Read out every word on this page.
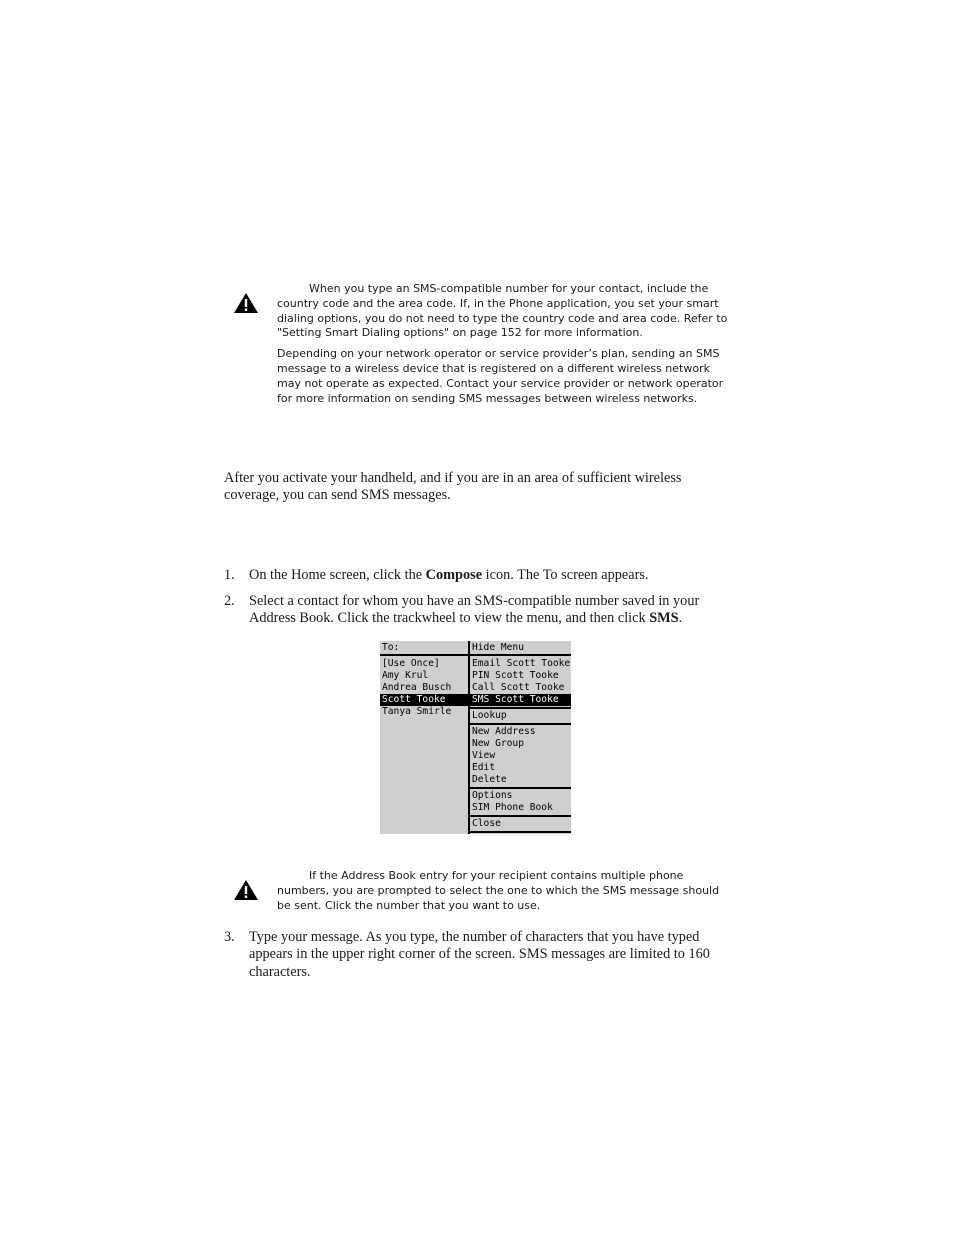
When you type an SMS-compatible number for your contact, include the country code and the area code. If, in the Phone application, you set your smart dialing options, you do not need to type the country code and area code. Refer to "Setting Smart Dialing options" on page 152 for more information.

Depending on your network operator or service provider’s plan, sending an SMS message to a wireless device that is registered on a different wireless network may not operate as expected. Contact your service provider or network operator for more information on sending SMS messages between wireless networks.

After you activate your handheld, and if you are in an area of sufficient wireless coverage, you can send SMS messages.

1. On the Home screen, click the Compose icon. The To screen appears.
2. Select a contact for whom you have an SMS-compatible number saved in your Address Book. Click the trackwheel to view the menu, and then click SMS.
To:
[Use Once]
Amy Krul
Andrea Busch
Scott Tooke
Tanya Smirle
Hide Menu
Email Scott Tooke
PIN Scott Tooke
Call Scott Tooke
SMS Scott Tooke
Lookup
New Address
New Group
View
Edit
Delete
Options
SIM Phone Book
Close

If the Address Book entry for your recipient contains multiple phone numbers, you are prompted to select the one to which the SMS message should be sent. Click the number that you want to use.

3. Type your message. As you type, the number of characters that you have typed appears in the upper right corner of the screen. SMS messages are limited to 160 characters.
